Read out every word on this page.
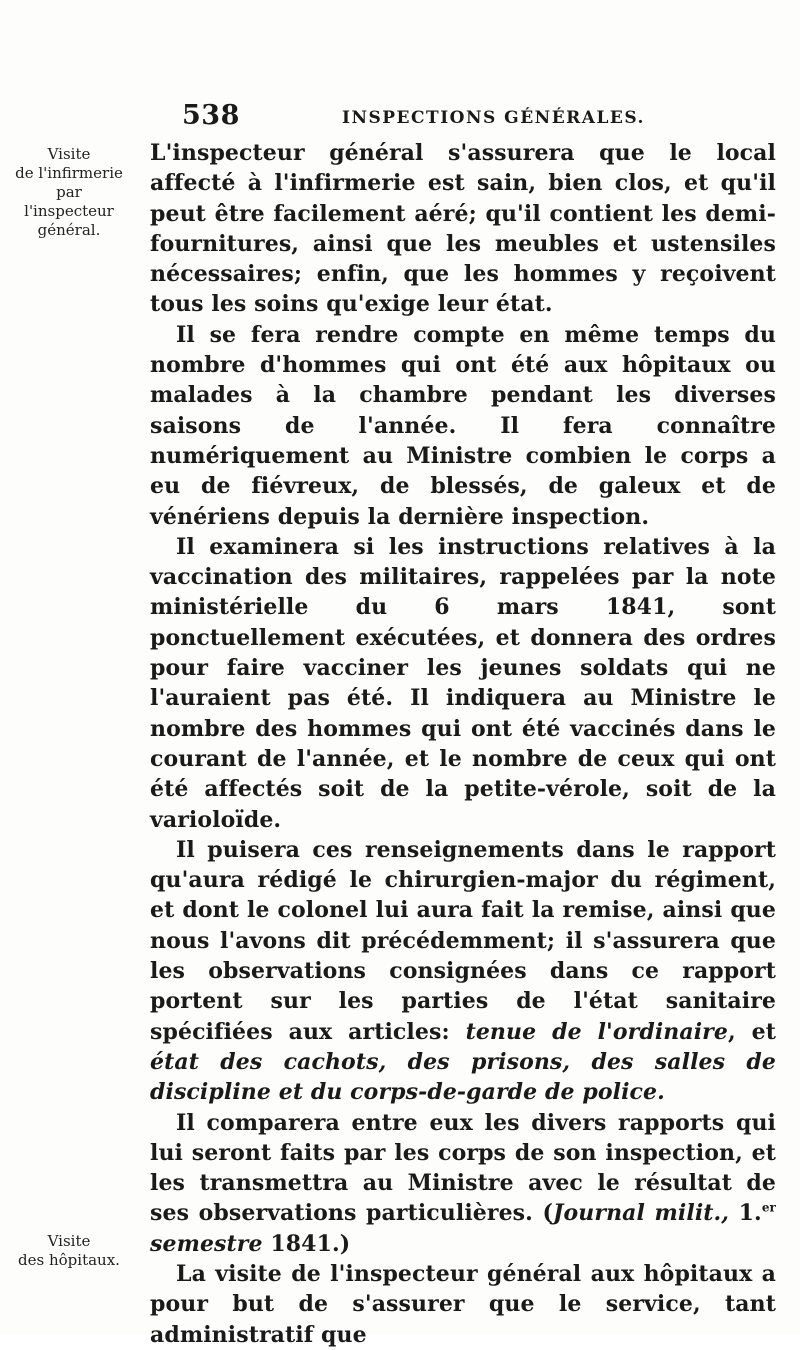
538	INSPECTIONS GÉNÉRALES.
Visite
de l'infirmerie
par
l'inspecteur
général.
Visite
des hôpitaux.

L'inspecteur général s'assurera que le local affecté à l'infirmerie est sain, bien clos, et qu'il peut être facilement aéré; qu'il contient les demi-fournitures, ainsi que les meubles et ustensiles nécessaires; enfin, que les hommes y reçoivent tous les soins qu'exige leur état.

Il se fera rendre compte en même temps du nombre d'hommes qui ont été aux hôpitaux ou malades à la chambre pendant les diverses saisons de l'année. Il fera connaître numériquement au Ministre combien le corps a eu de fiévreux, de blessés, de galeux et de vénériens depuis la dernière inspection.

Il examinera si les instructions relatives à la vaccination des militaires, rappelées par la note ministérielle du 6 mars 1841, sont ponctuellement exécutées, et donnera des ordres pour faire vacciner les jeunes soldats qui ne l'auraient pas été. Il indiquera au Ministre le nombre des hommes qui ont été vaccinés dans le courant de l'année, et le nombre de ceux qui ont été affectés soit de la petite-vérole, soit de la varioloïde.

Il puisera ces renseignements dans le rapport qu'aura rédigé le chirurgien-major du régiment, et dont le colonel lui aura fait la remise, ainsi que nous l'avons dit précédemment; il s'assurera que les observations consignées dans ce rapport portent sur les parties de l'état sanitaire spécifiées aux articles: tenue de l'ordinaire, et état des cachots, des prisons, des salles de discipline et du corps-de-garde de police.

Il comparera entre eux les divers rapports qui lui seront faits par les corps de son inspection, et les transmettra au Ministre avec le résultat de ses observations particulières. (Journal milit., 1.$^{er}$ semestre 1841.)

La visite de l'inspecteur général aux hôpitaux a pour but de s'assurer que le service, tant administratif que
